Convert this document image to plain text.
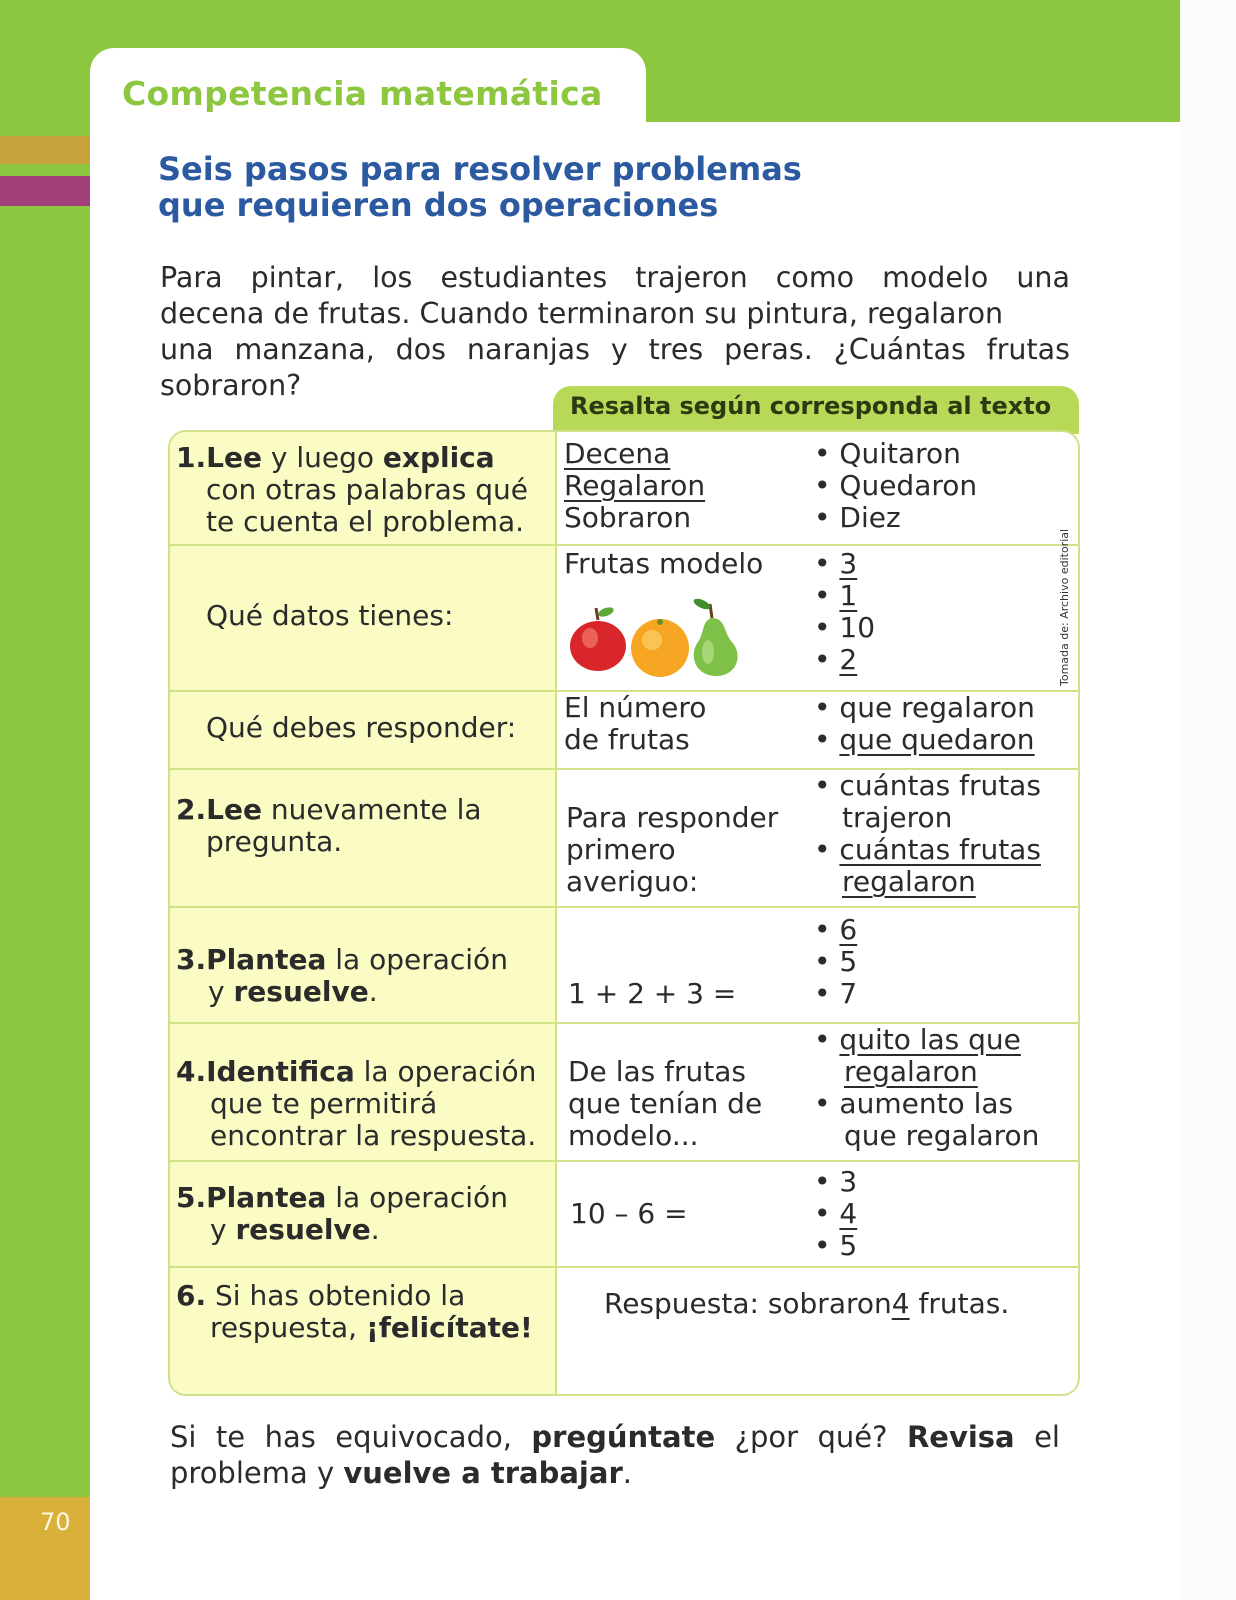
Competencia matemática
70
Seis pasos para resolver problemas
que requieren dos operaciones
Para pintar, los estudiantes trajeron como modelo una
decena de frutas. Cuando terminaron su pintura, regalaron
una manzana, dos naranjas y tres peras. ¿Cuántas frutas
sobraron?
Resalta según corresponda al texto
1.Lee y luego explica
con otras palabras qué
te cuenta el problema.
Decena
Regalaron
Sobraron
• Quitaron
• Quedaron
• Diez
Qué datos tienes:
Frutas modelo • 3
• 1
• 10
• 2
Qué debes responder:
El número
de frutas
• que regalaron
• que quedaron
2.Lee nuevamente la
pregunta.
Para responder
primero
averiguo:
• cuántas frutas
trajeron
• cuántas frutas
regalaron
3.Plantea la operación
y resuelve.	1 + 2 + 3 =
• 6
• 5
• 7
4.Identifica la operación
que te permitirá
encontrar la respuesta.
De las frutas
que tenían de
modelo...
• quito las que
regalaron
• aumento las
que regalaron
5.Plantea la operación
y resuelve.	10 – 6 =
• 3
• 4
• 5
6. Si has obtenido la
respuesta, ¡felicítate!
Respuesta: sobraron4 frutas.
Tomada de: Archivo editorial
Si te has equivocado, pregúntate ¿por qué? Revisa el
problema y vuelve a trabajar.
